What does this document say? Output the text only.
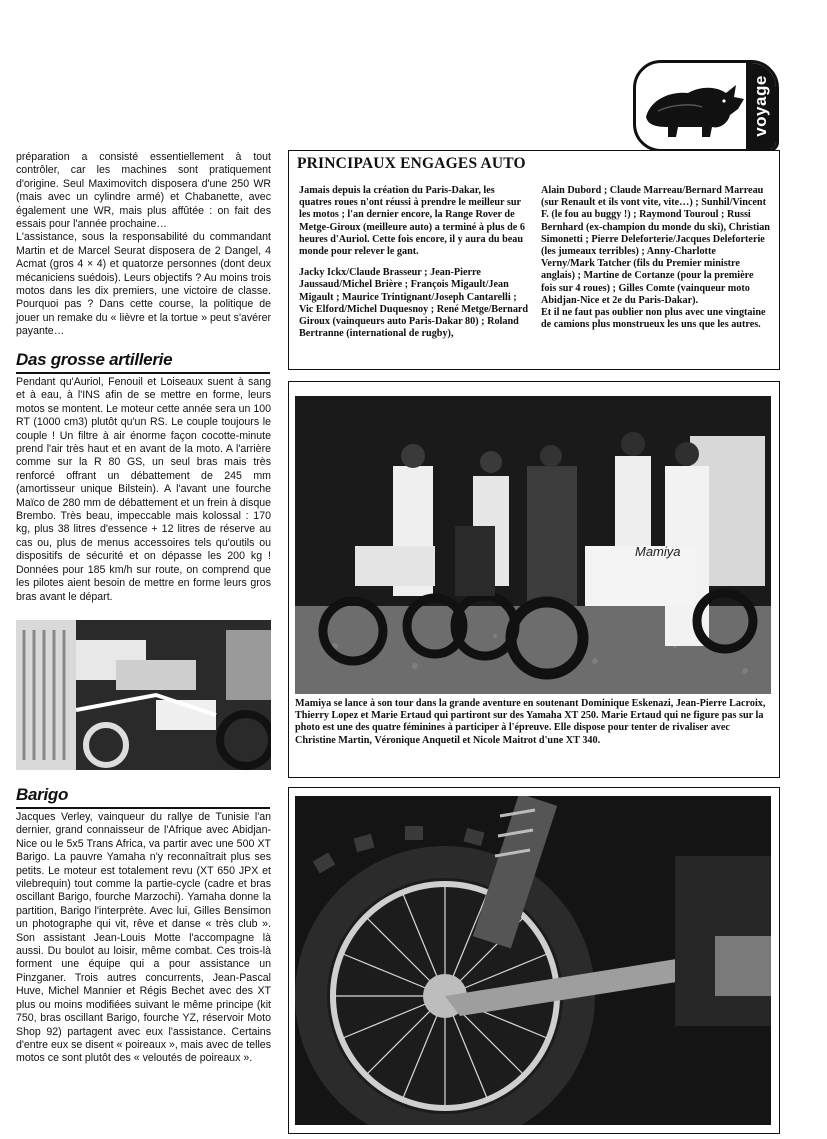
voyage

préparation a consisté essentiellement à tout contrôler, car les machines sont pratiquement d'origine. Seul Maximovitch disposera d'une 250 WR (mais avec un cylindre armé) et Chabanette, avec également une WR, mais plus affûtée : on fait des essais pour l'année prochaine…

L'assistance, sous la responsabilité du commandant Martin et de Marcel Seurat disposera de 2 Dangel, 4 Acmat (gros 4 × 4) et quatorze personnes (dont deux mécaniciens suédois). Leurs objectifs ? Au moins trois motos dans les dix premiers, une victoire de classe. Pourquoi pas ? Dans cette course, la politique de jouer un remake du « lièvre et la tortue » peut s'avérer payante…

Das grosse artillerie

Pendant qu'Auriol, Fenouil et Loiseaux suent à sang et à eau, à l'INS afin de se mettre en forme, leurs motos se montent. Le moteur cette année sera un 100 RT (1000 cm3) plutôt qu'un RS. Le couple toujours le couple ! Un filtre à air énorme façon cocotte-minute prend l'air très haut et en avant de la moto. A l'arrière comme sur la R 80 GS, un seul bras mais très renforcé offrant un débattement de 245 mm (amortisseur unique Bilstein). A l'avant une fourche Maïco de 280 mm de débattement et un frein à disque Brembo. Très beau, impeccable mais kolossal : 170 kg, plus 38 litres d'essence + 12 litres de réserve au cas ou, plus de menus accessoires tels qu'outils ou dispositifs de sécurité et on dépasse les 200 kg ! Données pour 185 km/h sur route, on comprend que les pilotes aient besoin de mettre en forme leurs gros bras avant le départ.

Barigo

Jacques Verley, vainqueur du rallye de Tunisie l'an dernier, grand connaisseur de l'Afrique avec Abidjan-Nice ou le 5x5 Trans Africa, va partir avec une 500 XT Barigo. La pauvre Yamaha n'y reconnaîtrait plus ses petits. Le moteur est totalement revu (XT 650 JPX et vilebrequin) tout comme la partie-cycle (cadre et bras oscillant Barigo, fourche Marzochi). Yamaha donne la partition, Barigo l'interprète. Avec lui, Gilles Bensimon un photographe qui vit, rêve et danse « très club ». Son assistant Jean-Louis Motte l'accompagne là aussi. Du boulot au loisir, même combat. Ces trois-là forment une équipe qui a pour assistance un Pinzganer. Trois autres concurrents, Jean-Pascal Huve, Michel Mannier et Régis Bechet avec des XT plus ou moins modifiées suivant le même principe (kit 750, bras oscillant Barigo, fourche YZ, réservoir Moto Shop 92) partagent avec eux l'assistance. Certains d'entre eux se disent « poireaux », mais avec de telles motos ce sont plutôt des « veloutés de poireaux ».

PRINCIPAUX ENGAGES AUTO

Jamais depuis la création du Paris-Dakar, les quatres roues n'ont réussi à prendre le meilleur sur les motos ; l'an dernier encore, la Range Rover de Metge-Giroux (meilleure auto) a terminé à plus de 6 heures d'Auriol. Cette fois encore, il y aura du beau monde pour relever le gant.

Jacky Ickx/Claude Brasseur ; Jean-Pierre Jaussaud/Michel Brière ; François Migault/Jean Migault ; Maurice Trintignant/Joseph Cantarelli ; Vic Elford/Michel Duquesnoy ; René Metge/Bernard Giroux (vainqueurs auto Paris-Dakar 80) ; Roland Bertranne (international de rugby),

Alain Dubord ; Claude Marreau/Bernard Marreau (sur Renault et ils vont vite, vite…) ; Sunhil/Vincent F. (le fou au buggy !) ; Raymond Touroul ; Russi Bernhard (ex-champion du monde du ski), Christian Simonetti ; Pierre Deleforterie/Jacques Deleforterie (les jumeaux terribles) ; Anny-Charlotte Verny/Mark Tatcher (fils du Premier ministre anglais) ; Martine de Cortanze (pour la première fois sur 4 roues) ; Gilles Comte (vainqueur moto Abidjan-Nice et 2e du Paris-Dakar).

Et il ne faut pas oublier non plus avec une vingtaine de camions plus monstrueux les uns que les autres.

Mamiya

Mamiya se lance à son tour dans la grande aventure en soutenant Dominique Eskenazi, Jean-Pierre Lacroix, Thierry Lopez et Marie Ertaud qui partiront sur des Yamaha XT 250. Marie Ertaud qui ne figure pas sur la photo est une des quatre féminines à participer à l'épreuve. Elle dispose pour tenter de rivaliser avec Christine Martin, Véronique Anquetil et Nicole Maitrot d'une XT 340.
